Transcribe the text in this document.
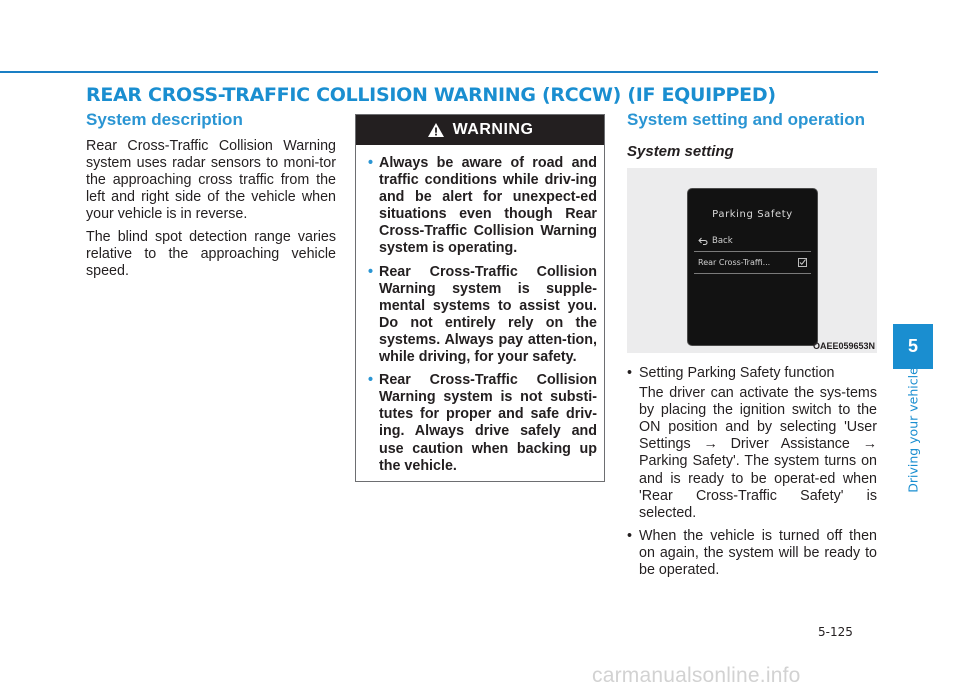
REAR CROSS-TRAFFIC COLLISION WARNING (RCCW) (IF EQUIPPED)
System description

Rear Cross-Traffic Collision Warning system uses radar sensors to moni-tor the approaching cross traffic from the left and right side of the vehicle when your vehicle is in reverse.

The blind spot detection range varies relative to the approaching vehicle speed.

WARNING
• Always be aware of road and traffic conditions while driv-ing and be alert for unexpect-ed situations even though Rear Cross-Traffic Collision Warning system is operating.
• Rear Cross-Traffic Collision Warning system is supple-mental systems to assist you. Do not entirely rely on the systems. Always pay atten-tion, while driving, for your safety.
• Rear Cross-Traffic Collision Warning system is not substi-tutes for proper and safe driv-ing. Always drive safely and use caution when backing up the vehicle.
System setting and operation
System setting
Parking Safety
Back
Rear Cross-Traffi...
OAEE059653N
• Setting Parking Safety function
The driver can activate the sys-tems by placing the ignition switch to the ON position and by selecting 'User Settings → Driver Assistance → Parking Safety'. The system turns on and is ready to be operat-ed when 'Rear Cross-Traffic Safety' is selected.
• When the vehicle is turned off then on again, the system will be ready to be operated.
5
Driving your vehicle
5-125
carmanualsonline.info
